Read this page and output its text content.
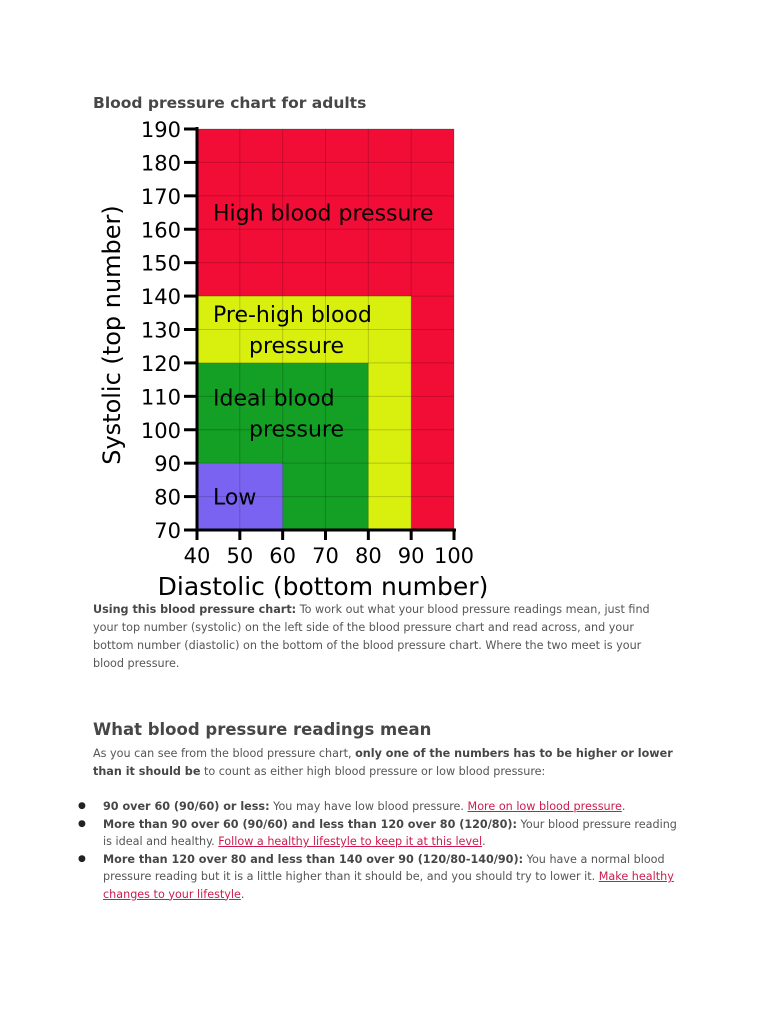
Blood pressure chart for adults
70
80
90
100
110
120
130
140
150
160
170
180
190
40 50 60 70 80 90 100
High blood pressure
Pre-high blood pressure
Ideal blood pressure
Low
Diastolic (bottom number)
Systolic (top number)

Using this blood pressure chart: To work out what your blood pressure readings mean, just find your top number (systolic) on the left side of the blood pressure chart and read across, and your bottom number (diastolic) on the bottom of the blood pressure chart. Where the two meet is your blood pressure.

What blood pressure readings mean

As you can see from the blood pressure chart, only one of the numbers has to be higher or lower than it should be to count as either high blood pressure or low blood pressure:

● 90 over 60 (90/60) or less: You may have low blood pressure. More on low blood pressure.
● More than 90 over 60 (90/60) and less than 120 over 80 (120/80): Your blood pressure reading is ideal and healthy. Follow a healthy lifestyle to keep it at this level.
● More than 120 over 80 and less than 140 over 90 (120/80-140/90): You have a normal blood pressure reading but it is a little higher than it should be, and you should try to lower it. Make healthy changes to your lifestyle.
